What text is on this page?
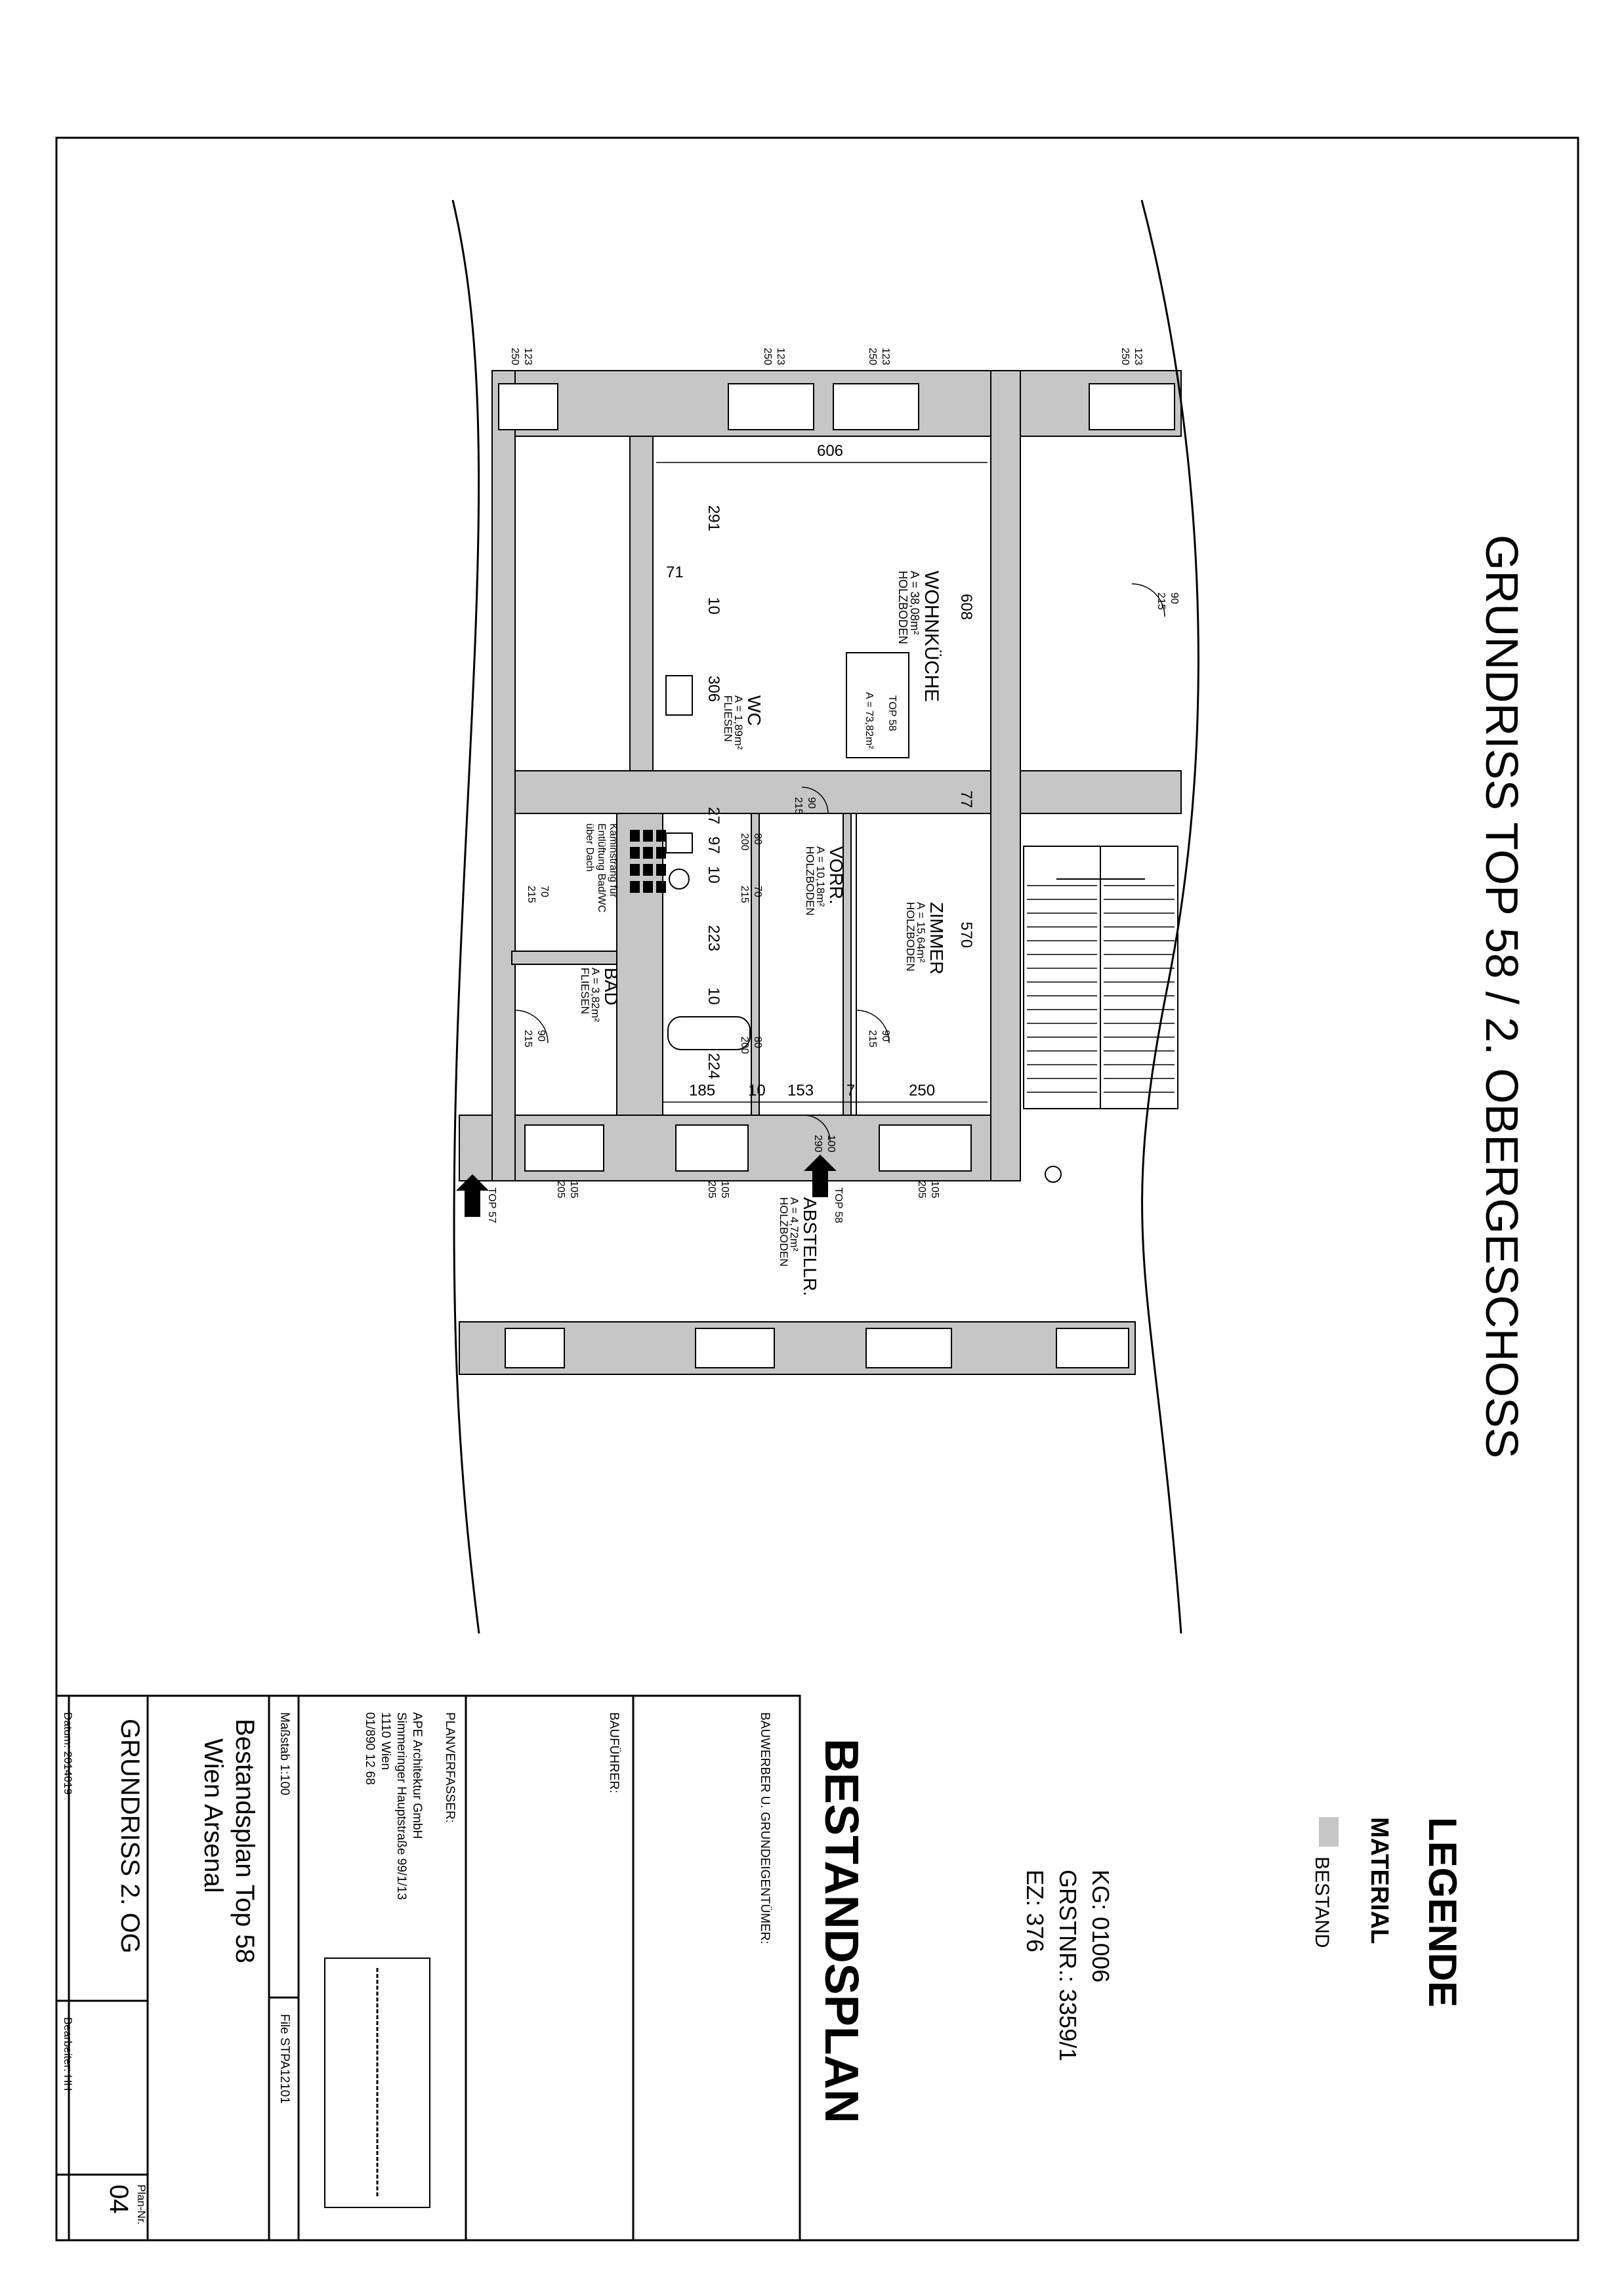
GRUNDRISS TOP 58 / 2. OBERGESCHOSS
WOHNKÜCHE
A = 38,08m²
HOLZBODEN
WC
A = 1,89m²
FLIESEN
VORR.
A = 10,18m²
HOLZBODEN
ZIMMER
A = 15,64m²
HOLZBODEN
BAD
A = 3,82m²
FLIESEN
ABSTELLR.
A = 4,72m²
HOLZBODEN
TOP 58
A = 73,82m²
Kaminstrang für
Entlüftung Bad/WC
über Dach
TOP 57	TOP 58
606
608
570
77
291
71
10
306
27
97
10
223
10
224
185 10 153 7	250
250 123	250 123	250 123	250 123
105
205	105
205	105
205
90
215
90
215
80
200
70
215
70
215
90
215
80
200
90
215
100
290
LEGENDE
MATERIAL
BESTAND
KG: 01006
GRSTNR.: 3359/1
EZ: 376
BESTANDSPLAN
BAUWERBER U. GRUNDEIGENTÜMER:
BAUFÜHRER:
PLANVERFASSER:
APE Architektur GmbH
Simmeringer Hauptstraße 99/1/13
1110 Wien
01/890 12 68
Maßstab 1:100
File STPA12101
Bestandsplan Top 58
Wien Arsenal
GRUNDRISS 2. OG
Datum: 2014019
Bearbeiter: HH
Plan-Nr.
04
